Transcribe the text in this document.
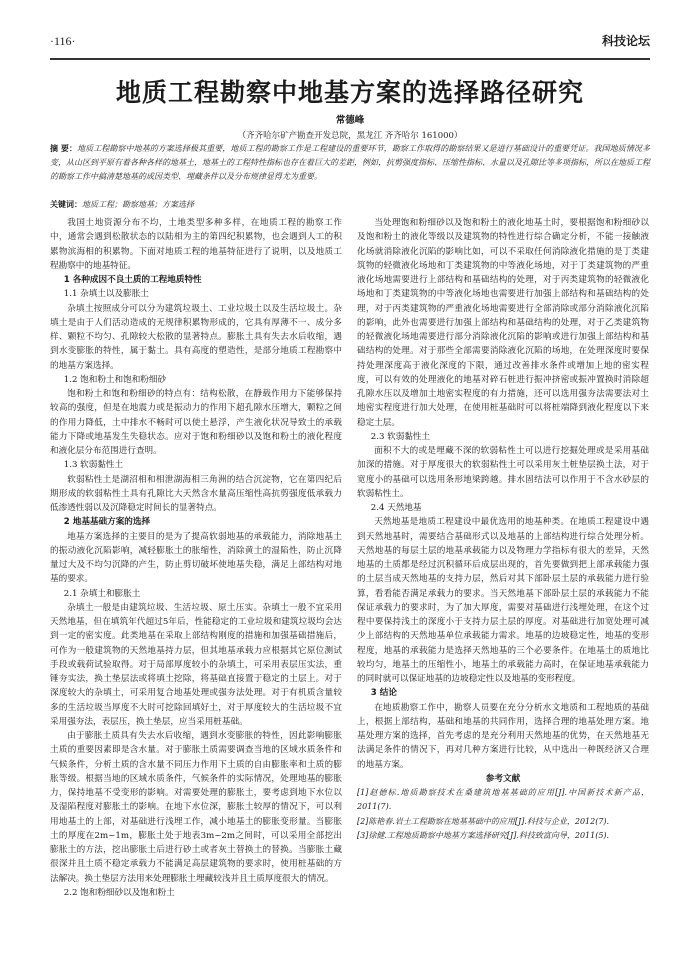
·116·	科技论坛
地质工程勘察中地基方案的选择路径研究
常德峰
（齐齐哈尔矿产勘查开发总院，黑龙江 齐齐哈尔 161000）
摘 要：地质工程勘察中地基的方案选择极其重要，地质工程的勘察工作是工程建设的重要环节，勘察工作取得的勘察结果又是进行基础设计的重要凭证。我国地质情况多变，从山区到平原有着各种各样的地基土，地基土的工程特性指标也存在着巨大的差距，例如，抗剪强度指标、压缩性指标、水量以及孔隙比等多项指标，所以在地质工程的勘察工作中搞清楚地基的成因类型、埋藏条件以及分布规律显得尤为重要。
关键词：地质工程；勘察地基；方案选择

我国土地资源分布不均，土地类型多种多样，在地质工程的勘察工作中，通常会遇到松散状态的以陆相为主的第四纪积累物，也会遇到人工的积累物滨海相的积累物。下面对地质工程的地基特征进行了说明，以及地质工程勘察中的地基特征。

1 各种成因不良土质的工程地质特性
1.1 杂填土以及膨胀土

杂填土按照成分可以分为建筑垃圾土、工业垃圾土以及生活垃圾土。杂填土是由于人们活动造成的无规律积累物形成的，它具有厚薄不一、成分多样、颗粒不均匀、孔隙较大松散的显著特点。膨胀土具有失去水后收缩，遇到水变膨胀的特性，属于黏土。具有高度的塑造性，是部分地质工程勘察中的地基方案选择。

1.2 饱和粉土和饱和粉细砂

饱和粉土和饱和粉细砂的特点有：结构松散，在静载作用力下能够保持较高的强度，但是在地震力或是振动力的作用下超孔隙水压增大，颗粒之间的作用力降低，土中排水不畅时可以使土悬浮，产生液化状况导致土的承载能力下降或地基发生失稳状态。应对于饱和粉细砂以及饱和粉土的液化程度和液化层分布范围进行查明。

1.3 软弱黏性土

软弱粘性土是湖沼相和相泄湖海相三角洲的结合沉淀物，它在第四纪后期形成的软弱粘性土具有孔隙比大天然含水量高压缩性高抗剪强度低承载力低渗透性弱以及沉降稳定时间长的显著特点。

2 地基基础方案的选择

地基方案选择的主要目的是为了提高软弱地基的承载能力，消除地基土的振动液化沉陷影响，减轻膨胀土的胀缩性，消除黄土的湿陷性，防止沉降量过大及不均匀沉降的产生，防止剪切破坏使地基失稳，满足上部结构对地基的要求。

2.1 杂填土和膨胀土

杂填土一般是由建筑垃圾、生活垃圾、原土压实。杂填土一般不宜采用天然地基，但在填筑年代超过5年后，性能稳定的工业垃圾和建筑垃圾均会达到一定的密实度。此类地基在采取上部结构刚度的措施和加强基础措施后，可作为一般建筑物的天然地基持力层，但其地基承载力应根据其它原位测试手段或载荷试验取得。对于局部厚度较小的杂填土，可采用表层压实法，重锤夯实法，换土垫层法或将填土挖除，将基础直接置于稳定的土层上。对于深度较大的杂填土，可采用复合地基处理或强夯法处理。对于有机质含量较多的生活垃圾当厚度不大时可挖除回填好土，对于厚度较大的生活垃圾不宜采用强夯法，表层压，换土垫层，应当采用桩基础。

由于膨胀土质具有失去水后收缩，遇到水变膨胀的特性，因此影响膨胀土质的重要因素即是含水量。对于膨胀土质需要调查当地的区域水质条件和气候条件，分析土质的含水量不同压力作用下土质的自由膨胀率和土质的膨胀等级。根据当地的区域水质条件，气候条件的实际情况，处理地基的膨胀力，保持地基不受变形的影响。对需要处理的膨胀土，要考虑到地下水位以及湿陷程度对膨胀土的影响。在地下水位深，膨胀土较厚的情况下，可以利用地基土的上部，对基础进行浅埋工作，减小地基土的膨胀变形量。当膨胀土的厚度在2m~1m，膨胀土处于地表3m~2m之间时，可以采用全部挖出膨胀土的方法，挖出膨胀土后进行砂土或者灰土替换土的替换。当膨胀土藏很深并且土质不稳定承载力不能满足高层建筑物的要求时，使用桩基础的方法解决。换土垫层方法用来处理膨胀土埋藏较浅并且土质厚度很大的情况。

2.2 饱和粉细砂以及饱和粉土

当处理饱和粉细砂以及饱和粉土的液化地基土时，要根据饱和粉细砂以及饱和粉土的液化等级以及建筑物的特性进行综合确定分析，不能一接触液化场就消除液化沉陷的影响比如，可以不采取任何消除液化措施的是丁类建筑物的轻微液化场地和丁类建筑物的中等液化场地，对于丁类建筑物的严重液化场地需要进行上部结构和基础结构的处理，对于丙类建筑物的轻微液化场地和丁类建筑物的中等液化场地也需要进行加强上部结构和基础结构的处理，对于丙类建筑物的严重液化场地需要进行全部消除或部分消除液化沉陷的影响，此外也需要进行加强上部结构和基础结构的处理，对于乙类建筑物的轻微液化场地需要进行部分消除液化沉陷的影响或进行加强上部结构和基础结构的处理。对于那些全部需要消除液化沉陷的场地，在处理深度时要保持处理深度高于液化深度的下限，通过改善排水条件或增加上地的密实程度，可以有效的处理液化的地基对碎石桩进行振冲挤密或振冲置换时消除超孔隙水压以及增加土地密实程度的有力措施，还可以选用强夯法需要法对土地密实程度进行加大处理，在使用桩基础时可以将桩端降到液化程度以下来稳定土层。

2.3 软弱黏性土

面积不大的或是埋藏不深的软弱粘性土可以进行挖掘处理或是采用基础加深的措施。对于厚度很大的软弱粘性土可以采用灰土桩垫层换土法，对于宽度小的基础可以选用条形地梁跨越。排水固结法可以作用于不含水砂层的软弱粘性土。

2.4 天然地基

天然地基是地质工程建设中最优选用的地基种类。在地质工程建设中遇到天然地基时，需要结合基础形式以及地基的上部结构进行综合处理分析。天然地基的每层土层的地基承载能力以及物理力学指标有很大的差异，天然地基的土质都是经过沉积循环后成层出现的，首先要做到把上部承载能力强的土层当成天然地基的支持力层，然后对其下部卧层土层的承载能力进行验算，看看能否满足承载力的要求。当天然地基下部卧层土层的承载能力不能保证承载力的要求时，为了加大厚度，需要对基础进行浅埋处理，在这个过程中要保持浅土的深度小于支持力层土层的厚度。对基础进行加宽处理可减少上部结构的天然地基单位承载能力需求。地基的边坡稳定性，地基的变形程度，地基的承载能力是选择天然地基的三个必要条件。在地基土的质地比较均匀，地基土的压缩性小，地基土的承载能力高时，在保证地基承载能力的同时就可以保证地基的边坡稳定性以及地基的变形程度。

3 结论

在地质勘察工作中，勘察人员要在充分分析水文地质和工程地质的基础上，根据上部结构，基础和地基的共同作用，选择合理的地基处理方案。地基处理方案的选择，首先考虑的是充分利用天然地基的优势，在天然地基无法满足条件的情况下，再对几种方案进行比较，从中选出一种既经济又合理的地基方案。

参考文献
[1]赵德标.地质勘察技术在桑建筑地基基础的应用[J].中国新技术新产品，2011(7).
[2]陈艳春.岩土工程勘察在地基基础中的应用[J].科技与企业，2012(7).
[3]徐健.工程地质勘察中地基方案选择研究[J].科技致富向导，2011(5).
